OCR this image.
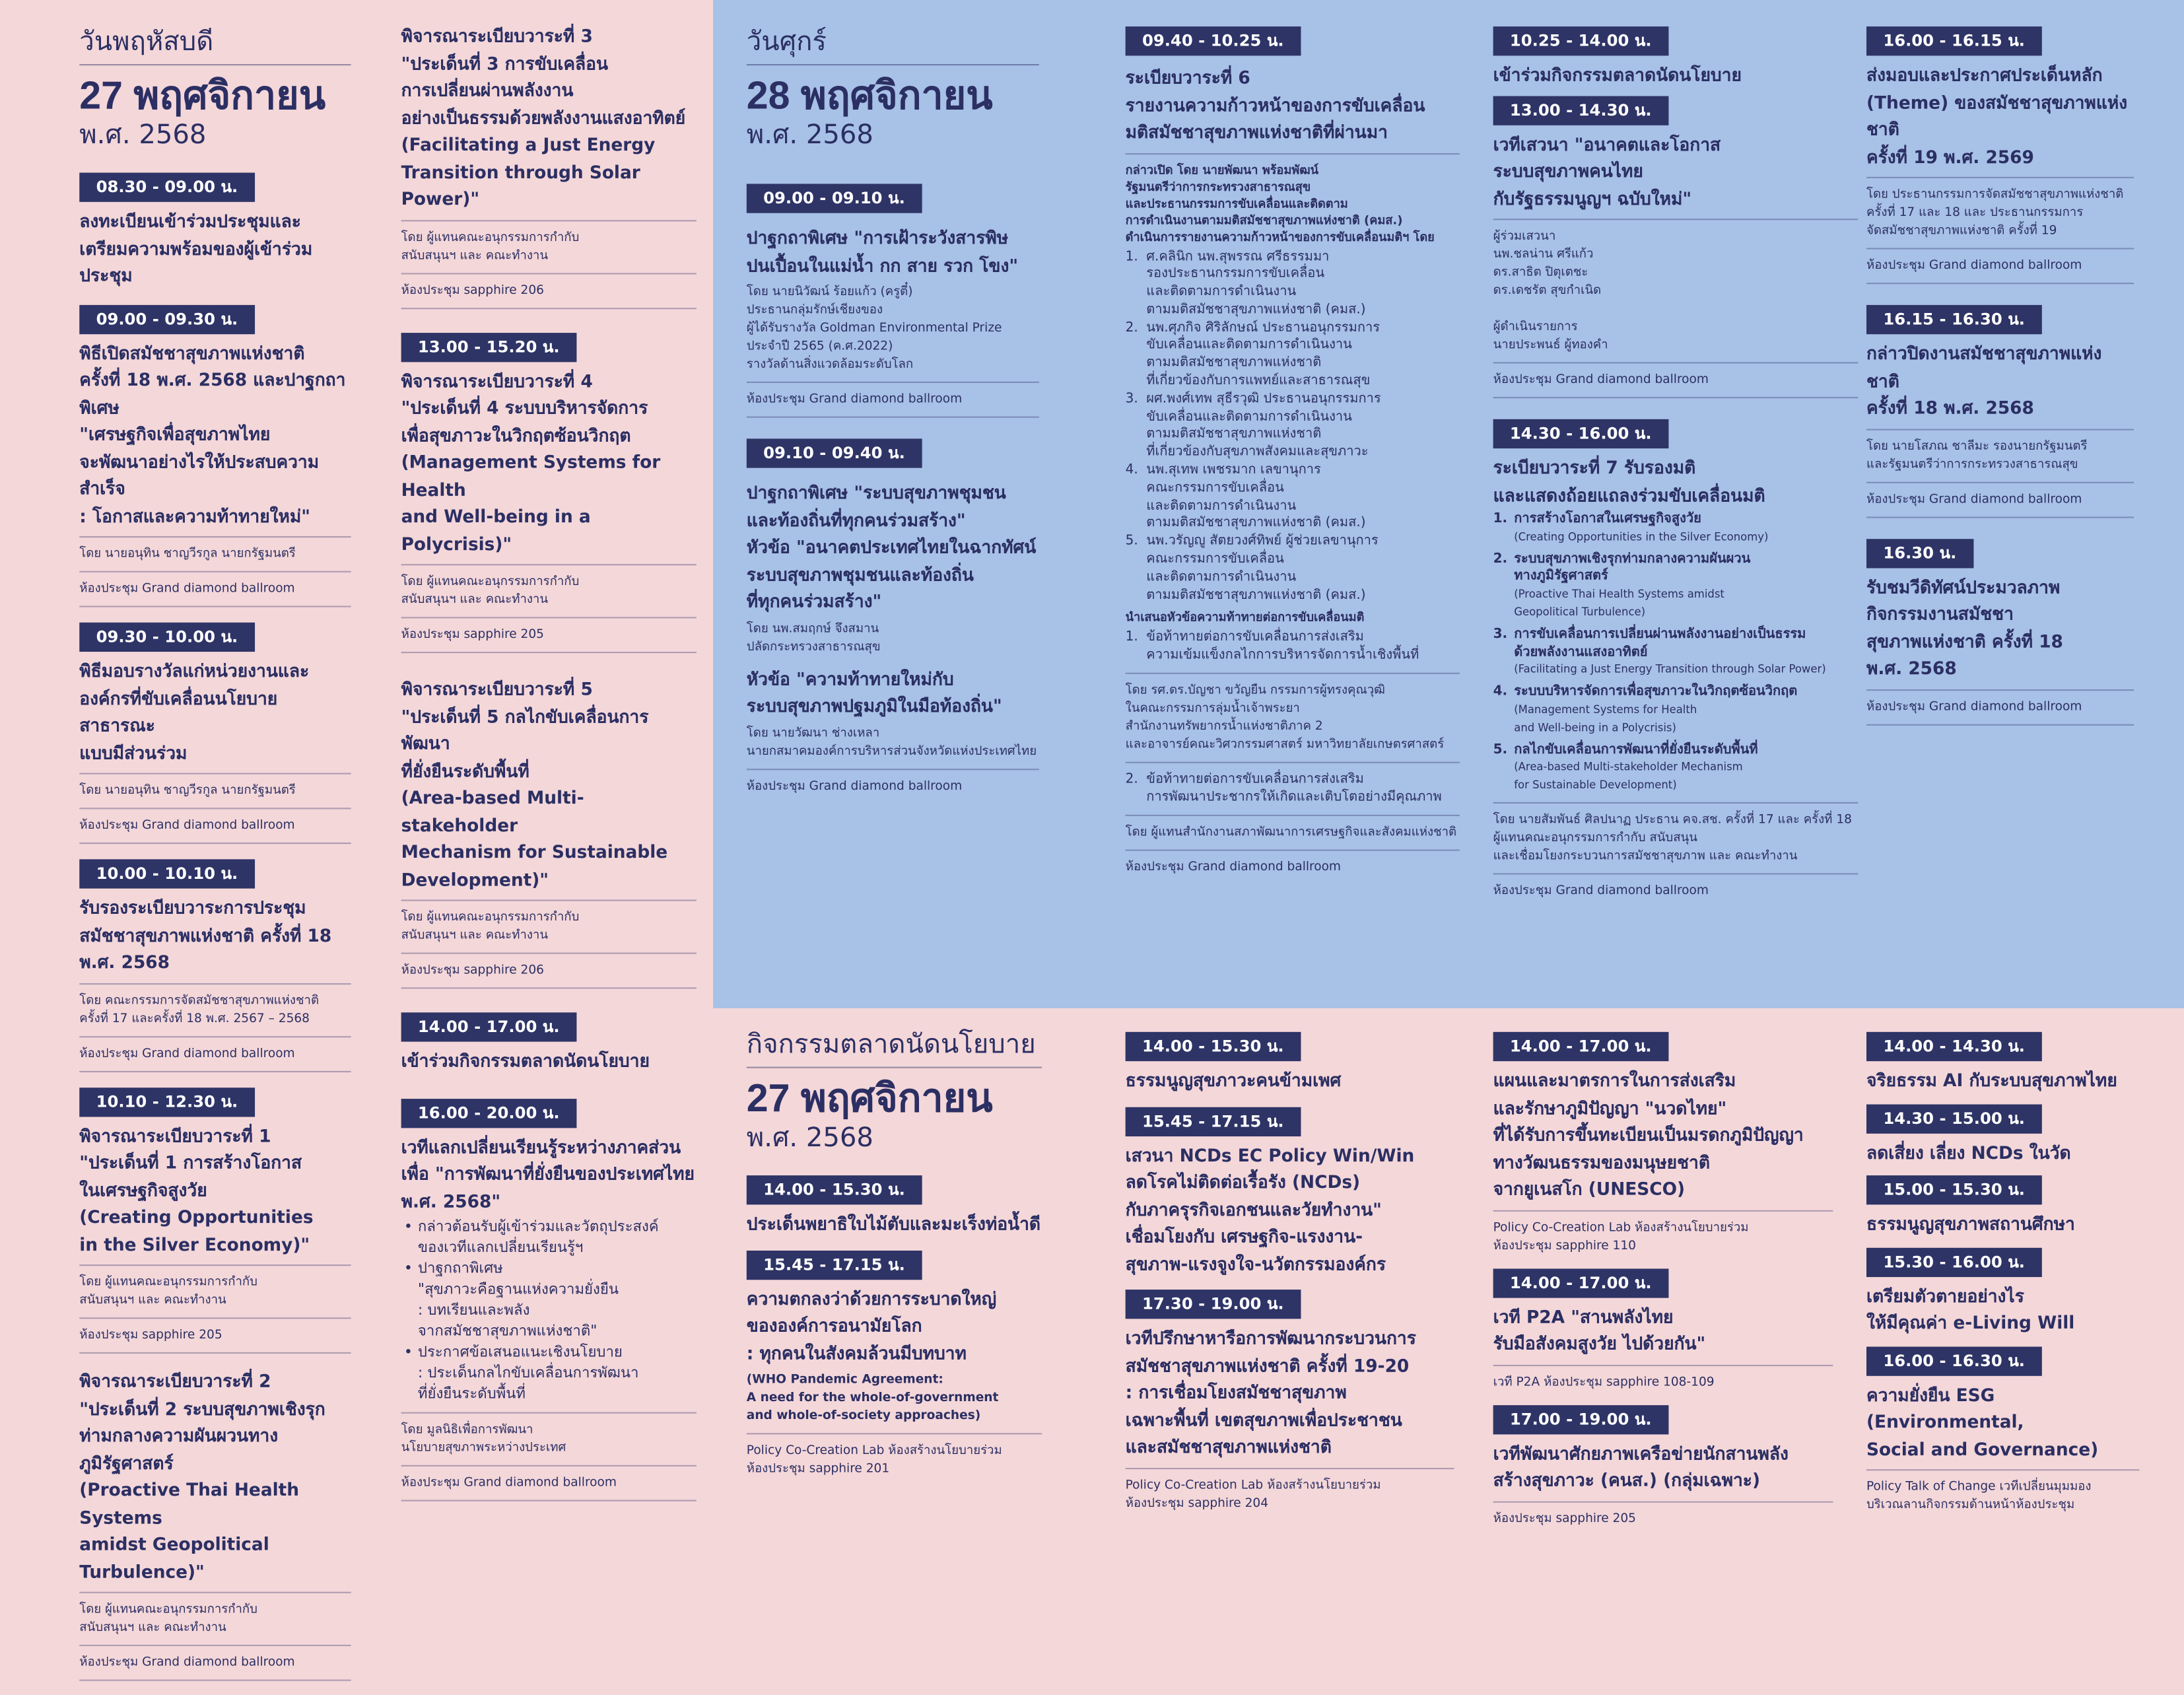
วันพฤหัสบดี
27 พฤศจิกายน
พ.ศ. 2568
08.30 - 09.00 น.
ลงทะเบียนเข้าร่วมประชุมและ
เตรียมความพร้อมของผู้เข้าร่วมประชุม
09.00 - 09.30 น.
พิธีเปิดสมัชชาสุขภาพแห่งชาติ
ครั้งที่ 18 พ.ศ. 2568 และปาฐกถาพิเศษ
"เศรษฐกิจเพื่อสุขภาพไทย
จะพัฒนาอย่างไรให้ประสบความสำเร็จ
: โอกาสและความท้าทายใหม่"
โดย นายอนุทิน ชาญวีรกูล นายกรัฐมนตรี
ห้องประชุม Grand diamond ballroom
09.30 - 10.00 น.
พิธีมอบรางวัลแก่หน่วยงานและ
องค์กรที่ขับเคลื่อนนโยบายสาธารณะ
แบบมีส่วนร่วม
โดย นายอนุทิน ชาญวีรกูล นายกรัฐมนตรี
ห้องประชุม Grand diamond ballroom
10.00 - 10.10 น.
รับรองระเบียบวาระการประชุม
สมัชชาสุขภาพแห่งชาติ ครั้งที่ 18
พ.ศ. 2568
โดย คณะกรรมการจัดสมัชชาสุขภาพแห่งชาติ
ครั้งที่ 17 และครั้งที่ 18 พ.ศ. 2567 – 2568
ห้องประชุม Grand diamond ballroom
10.10 - 12.30 น.
พิจารณาระเบียบวาระที่ 1
"ประเด็นที่ 1 การสร้างโอกาส
ในเศรษฐกิจสูงวัย
(Creating Opportunities
in the Silver Economy)"
โดย ผู้แทนคณะอนุกรรมการกำกับ
สนับสนุนฯ และ คณะทำงาน
ห้องประชุม sapphire 205
พิจารณาระเบียบวาระที่ 2
"ประเด็นที่ 2 ระบบสุขภาพเชิงรุก
ท่ามกลางความผันผวนทางภูมิรัฐศาสตร์
(Proactive Thai Health Systems
amidst Geopolitical Turbulence)"
โดย ผู้แทนคณะอนุกรรมการกำกับ
สนับสนุนฯ และ คณะทำงาน
ห้องประชุม Grand diamond ballroom
พิจารณาระเบียบวาระที่ 3
"ประเด็นที่ 3 การขับเคลื่อน
การเปลี่ยนผ่านพลังงาน
อย่างเป็นธรรมด้วยพลังงานแสงอาทิตย์
(Facilitating a Just Energy
Transition through Solar Power)"
โดย ผู้แทนคณะอนุกรรมการกำกับ
สนับสนุนฯ และ คณะทำงาน
ห้องประชุม sapphire 206
13.00 - 15.20 น.
พิจารณาระเบียบวาระที่ 4
"ประเด็นที่ 4 ระบบบริหารจัดการ
เพื่อสุขภาวะในวิกฤตซ้อนวิกฤต
(Management Systems for Health
and Well-being in a Polycrisis)"
โดย ผู้แทนคณะอนุกรรมการกำกับ
สนับสนุนฯ และ คณะทำงาน
ห้องประชุม sapphire 205
พิจารณาระเบียบวาระที่ 5
"ประเด็นที่ 5 กลไกขับเคลื่อนการพัฒนา
ที่ยั่งยืนระดับพื้นที่
(Area-based Multi-stakeholder
Mechanism for Sustainable
Development)"
โดย ผู้แทนคณะอนุกรรมการกำกับ
สนับสนุนฯ และ คณะทำงาน
ห้องประชุม sapphire 206
14.00 - 17.00 น.
เข้าร่วมกิจกรรมตลาดนัดนโยบาย
16.00 - 20.00 น.
เวทีแลกเปลี่ยนเรียนรู้ระหว่างภาคส่วน
เพื่อ "การพัฒนาที่ยั่งยืนของประเทศไทย
พ.ศ. 2568"
• กล่าวต้อนรับผู้เข้าร่วมและวัตถุประสงค์
ของเวทีแลกเปลี่ยนเรียนรู้ฯ
• ปาฐกถาพิเศษ
"สุขภาวะคือฐานแห่งความยั่งยืน
: บทเรียนและพลัง
จากสมัชชาสุขภาพแห่งชาติ"
• ประกาศข้อเสนอแนะเชิงนโยบาย
: ประเด็นกลไกขับเคลื่อนการพัฒนา
ที่ยั่งยืนระดับพื้นที่
โดย มูลนิธิเพื่อการพัฒนา
นโยบายสุขภาพระหว่างประเทศ
ห้องประชุม Grand diamond ballroom
วันศุกร์
28 พฤศจิกายน
พ.ศ. 2568
09.00 - 09.10 น.
ปาฐกถาพิเศษ "การเฝ้าระวังสารพิษ
ปนเปื้อนในแม่น้ำ กก สาย รวก โขง"
โดย นายนิวัฒน์ ร้อยแก้ว (ครูตี๋)
ประธานกลุ่มรักษ์เชียงของ
ผู้ได้รับรางวัล Goldman Environmental Prize
ประจำปี 2565 (ค.ศ.2022)
รางวัลด้านสิ่งแวดล้อมระดับโลก
ห้องประชุม Grand diamond ballroom
09.10 - 09.40 น.
ปาฐกถาพิเศษ "ระบบสุขภาพชุมชน
และท้องถิ่นที่ทุกคนร่วมสร้าง"
หัวข้อ "อนาคตประเทศไทยในฉากทัศน์
ระบบสุขภาพชุมชนและท้องถิ่น
ที่ทุกคนร่วมสร้าง"
โดย นพ.สมฤกษ์ จึงสมาน
ปลัดกระทรวงสาธารณสุข
หัวข้อ "ความท้าทายใหม่กับ
ระบบสุขภาพปฐมภูมิในมือท้องถิ่น"
โดย นายวัฒนา ช่างเหลา
นายกสมาคมองค์การบริหารส่วนจังหวัดแห่งประเทศไทย
ห้องประชุม Grand diamond ballroom
09.40 - 10.25 น.
ระเบียบวาระที่ 6
รายงานความก้าวหน้าของการขับเคลื่อน
มติสมัชชาสุขภาพแห่งชาติที่ผ่านมา
กล่าวเปิด โดย นายพัฒนา พร้อมพัฒน์
รัฐมนตรีว่าการกระทรวงสาธารณสุข
และประธานกรรมการขับเคลื่อนและติดตาม
การดำเนินงานตามมติสมัชชาสุขภาพแห่งชาติ (คมส.)
ดำเนินการรายงานความก้าวหน้าของการขับเคลื่อนมติฯ โดย
1. ศ.คลินิก นพ.สุพรรณ ศรีธรรมมา
รองประธานกรรมการขับเคลื่อน
และติดตามการดำเนินงาน
ตามมติสมัชชาสุขภาพแห่งชาติ (คมส.)
2. นพ.ศุภกิจ ศิริลักษณ์ ประธานอนุกรรมการ
ขับเคลื่อนและติดตามการดำเนินงาน
ตามมติสมัชชาสุขภาพแห่งชาติ
ที่เกี่ยวข้องกับการแพทย์และสาธารณสุข
3. ผศ.พงศ์เทพ สุธีรวุฒิ ประธานอนุกรรมการ
ขับเคลื่อนและติดตามการดำเนินงาน
ตามมติสมัชชาสุขภาพแห่งชาติ
ที่เกี่ยวข้องกับสุขภาพสังคมและสุขภาวะ
4. นพ.สุเทพ เพชรมาก เลขานุการ
คณะกรรมการขับเคลื่อน
และติดตามการดำเนินงาน
ตามมติสมัชชาสุขภาพแห่งชาติ (คมส.)
5. นพ.วรัญญู สัตยวงศ์ทิพย์ ผู้ช่วยเลขานุการ
คณะกรรมการขับเคลื่อน
และติดตามการดำเนินงาน
ตามมติสมัชชาสุขภาพแห่งชาติ (คมส.)
นำเสนอหัวข้อความท้าทายต่อการขับเคลื่อนมติ
1. ข้อท้าทายต่อการขับเคลื่อนการส่งเสริม
ความเข้มแข็งกลไกการบริหารจัดการน้ำเชิงพื้นที่
โดย รศ.ดร.บัญชา ขวัญยืน กรรมการผู้ทรงคุณวุฒิ
ในคณะกรรมการลุ่มน้ำเจ้าพระยา
สำนักงานทรัพยากรน้ำแห่งชาติภาค 2
และอาจารย์คณะวิศวกรรมศาสตร์ มหาวิทยาลัยเกษตรศาสตร์
2. ข้อท้าทายต่อการขับเคลื่อนการส่งเสริม
การพัฒนาประชากรให้เกิดและเติบโตอย่างมีคุณภาพ
โดย ผู้แทนสำนักงานสภาพัฒนาการเศรษฐกิจและสังคมแห่งชาติ
ห้องประชุม Grand diamond ballroom
10.25 - 14.00 น.
เข้าร่วมกิจกรรมตลาดนัดนโยบาย
13.00 - 14.30 น.
เวทีเสวนา "อนาคตและโอกาส
ระบบสุขภาพคนไทย
กับรัฐธรรมนูญฯ ฉบับใหม่"
ผู้ร่วมเสวนา
นพ.ชลน่าน ศรีแก้ว
ดร.สาธิต ปิตุเตชะ
ดร.เดชรัต สุขกำเนิด

ผู้ดำเนินรายการ
นายประพนธ์ ผู้ทองคำ
ห้องประชุม Grand diamond ballroom
14.30 - 16.00 น.
ระเบียบวาระที่ 7 รับรองมติ
และแสดงถ้อยแถลงร่วมขับเคลื่อนมติ
1. การสร้างโอกาสในเศรษฐกิจสูงวัย
(Creating Opportunities in the Silver Economy)
2. ระบบสุขภาพเชิงรุกท่ามกลางความผันผวน
ทางภูมิรัฐศาสตร์
(Proactive Thai Health Systems amidst
Geopolitical Turbulence)
3. การขับเคลื่อนการเปลี่ยนผ่านพลังงานอย่างเป็นธรรม
ด้วยพลังงานแสงอาทิตย์
(Facilitating a Just Energy Transition through Solar Power)
4. ระบบบริหารจัดการเพื่อสุขภาวะในวิกฤตซ้อนวิกฤต
(Management Systems for Health
and Well-being in a Polycrisis)
5. กลไกขับเคลื่อนการพัฒนาที่ยั่งยืนระดับพื้นที่
(Area-based Multi-stakeholder Mechanism
for Sustainable Development)
โดย นายสัมพันธ์ ศิลปนาฏ ประธาน คจ.สช. ครั้งที่ 17 และ ครั้งที่ 18
ผู้แทนคณะอนุกรรมการกำกับ สนับสนุน
และเชื่อมโยงกระบวนการสมัชชาสุขภาพ และ คณะทำงาน
ห้องประชุม Grand diamond ballroom
16.00 - 16.15 น.
ส่งมอบและประกาศประเด็นหลัก
(Theme) ของสมัชชาสุขภาพแห่งชาติ
ครั้งที่ 19 พ.ศ. 2569
โดย ประธานกรรมการจัดสมัชชาสุขภาพแห่งชาติ
ครั้งที่ 17 และ 18 และ ประธานกรรมการ
จัดสมัชชาสุขภาพแห่งชาติ ครั้งที่ 19
ห้องประชุม Grand diamond ballroom
16.15 - 16.30 น.
กล่าวปิดงานสมัชชาสุขภาพแห่งชาติ
ครั้งที่ 18 พ.ศ. 2568
โดย นายโสภณ ชาลีมะ รองนายกรัฐมนตรี
และรัฐมนตรีว่าการกระทรวงสาธารณสุข
ห้องประชุม Grand diamond ballroom
16.30 น.
รับชมวีดิทัศน์ประมวลภาพ
กิจกรรมงานสมัชชา
สุขภาพแห่งชาติ ครั้งที่ 18
พ.ศ. 2568
ห้องประชุม Grand diamond ballroom
กิจกรรมตลาดนัดนโยบาย
27 พฤศจิกายน
พ.ศ. 2568
14.00 - 15.30 น.
ประเด็นพยาธิใบไม้ตับและมะเร็งท่อน้ำดี
15.45 - 17.15 น.
ความตกลงว่าด้วยการระบาดใหญ่
ขององค์การอนามัยโลก
: ทุกคนในสังคมล้วนมีบทบาท
(WHO Pandemic Agreement:
A need for the whole-of-government
and whole-of-society approaches)
Policy Co-Creation Lab ห้องสร้างนโยบายร่วม
ห้องประชุม sapphire 201
14.00 - 15.30 น.
ธรรมนูญสุขภาวะคนข้ามเพศ
15.45 - 17.15 น.
เสวนา NCDs EC Policy Win/Win
ลดโรคไม่ติดต่อเรื้อรัง (NCDs)
กับภาครุรกิจเอกชนและวัยทำงาน"
เชื่อมโยงกับ เศรษฐกิจ-แรงงาน-
สุขภาพ-แรงจูงใจ-นวัตกรรมองค์กร
17.30 - 19.00 น.
เวทีปรึกษาหารือการพัฒนากระบวนการ
สมัชชาสุขภาพแห่งชาติ ครั้งที่ 19-20
: การเชื่อมโยงสมัชชาสุขภาพ
เฉพาะพื้นที่ เขตสุขภาพเพื่อประชาชน
และสมัชชาสุขภาพแห่งชาติ
Policy Co-Creation Lab ห้องสร้างนโยบายร่วม
ห้องประชุม sapphire 204
14.00 - 17.00 น.
แผนและมาตรการในการส่งเสริม
และรักษาภูมิปัญญา "นวดไทย"
ที่ได้รับการขึ้นทะเบียนเป็นมรดกภูมิปัญญา
ทางวัฒนธรรมของมนุษยชาติ
จากยูเนสโก (UNESCO)
Policy Co-Creation Lab ห้องสร้างนโยบายร่วม
ห้องประชุม sapphire 110
14.00 - 17.00 น.
เวที P2A "สานพลังไทย
รับมือสังคมสูงวัย ไปด้วยกัน"
เวที P2A ห้องประชุม sapphire 108-109
17.00 - 19.00 น.
เวทีพัฒนาศักยภาพเครือข่ายนักสานพลัง
สร้างสุขภาวะ (คนส.) (กลุ่มเฉพาะ)
ห้องประชุม sapphire 205
14.00 - 14.30 น.
จริยธรรม AI กับระบบสุขภาพไทย
14.30 - 15.00 น.
ลดเสี่ยง เลี่ยง NCDs ในวัด
15.00 - 15.30 น.
ธรรมนูญสุขภาพสถานศึกษา
15.30 - 16.00 น.
เตรียมตัวตายอย่างไร
ให้มีคุณค่า e-Living Will
16.00 - 16.30 น.
ความยั่งยืน ESG (Environmental,
Social and Governance)
Policy Talk of Change เวทีเปลี่ยนมุมมอง
บริเวณลานกิจกรรมด้านหน้าห้องประชุม
